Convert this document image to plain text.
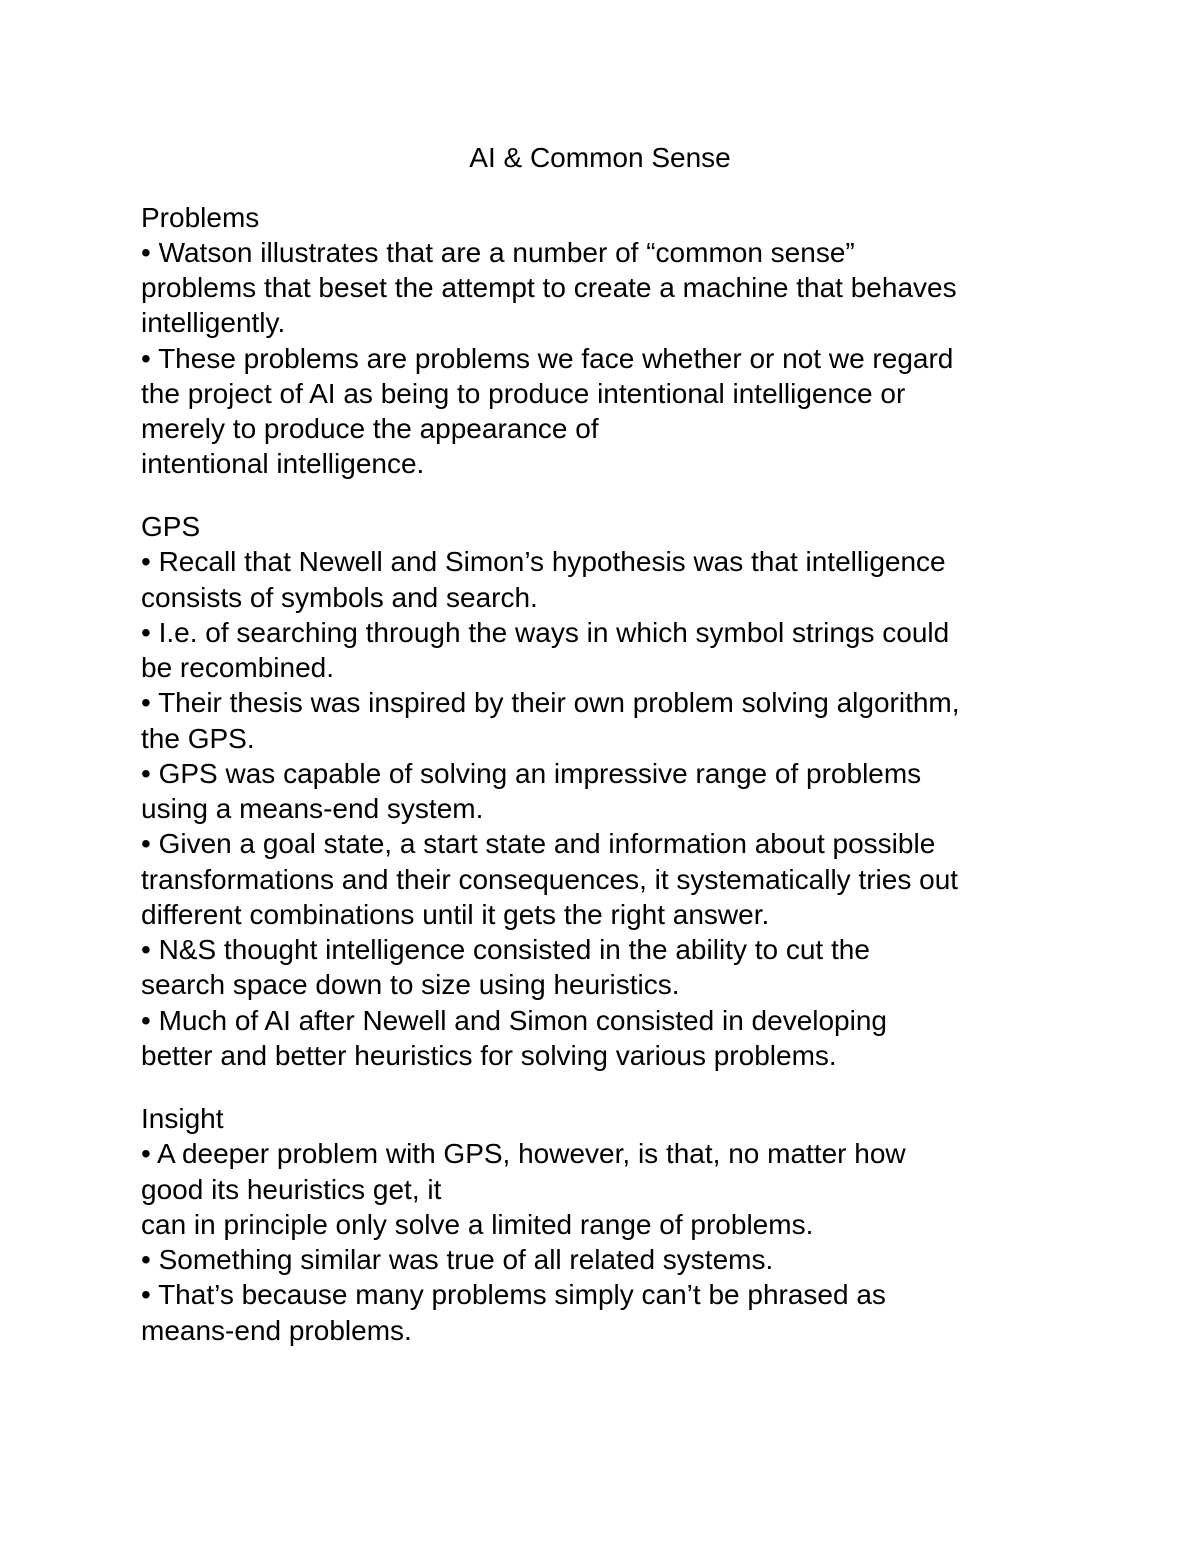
AI & Common Sense

Problems

• Watson illustrates that are a number of “common sense”

problems that beset the attempt to create a machine that behaves

intelligently.

• These problems are problems we face whether or not we regard

the project of AI as being to produce intentional intelligence or

merely to produce the appearance of

intentional intelligence.

GPS

• Recall that Newell and Simon’s hypothesis was that intelligence

consists of symbols and search.

• I.e. of searching through the ways in which symbol strings could

be recombined.

• Their thesis was inspired by their own problem solving algorithm,

the GPS.

• GPS was capable of solving an impressive range of problems

using a means-end system.

• Given a goal state, a start state and information about possible

transformations and their consequences, it systematically tries out

different combinations until it gets the right answer.

• N&S thought intelligence consisted in the ability to cut the

search space down to size using heuristics.

• Much of AI after Newell and Simon consisted in developing

better and better heuristics for solving various problems.

Insight

• A deeper problem with GPS, however, is that, no matter how

good its heuristics get, it

can in principle only solve a limited range of problems.

• Something similar was true of all related systems.

• That’s because many problems simply can’t be phrased as

means-end problems.
